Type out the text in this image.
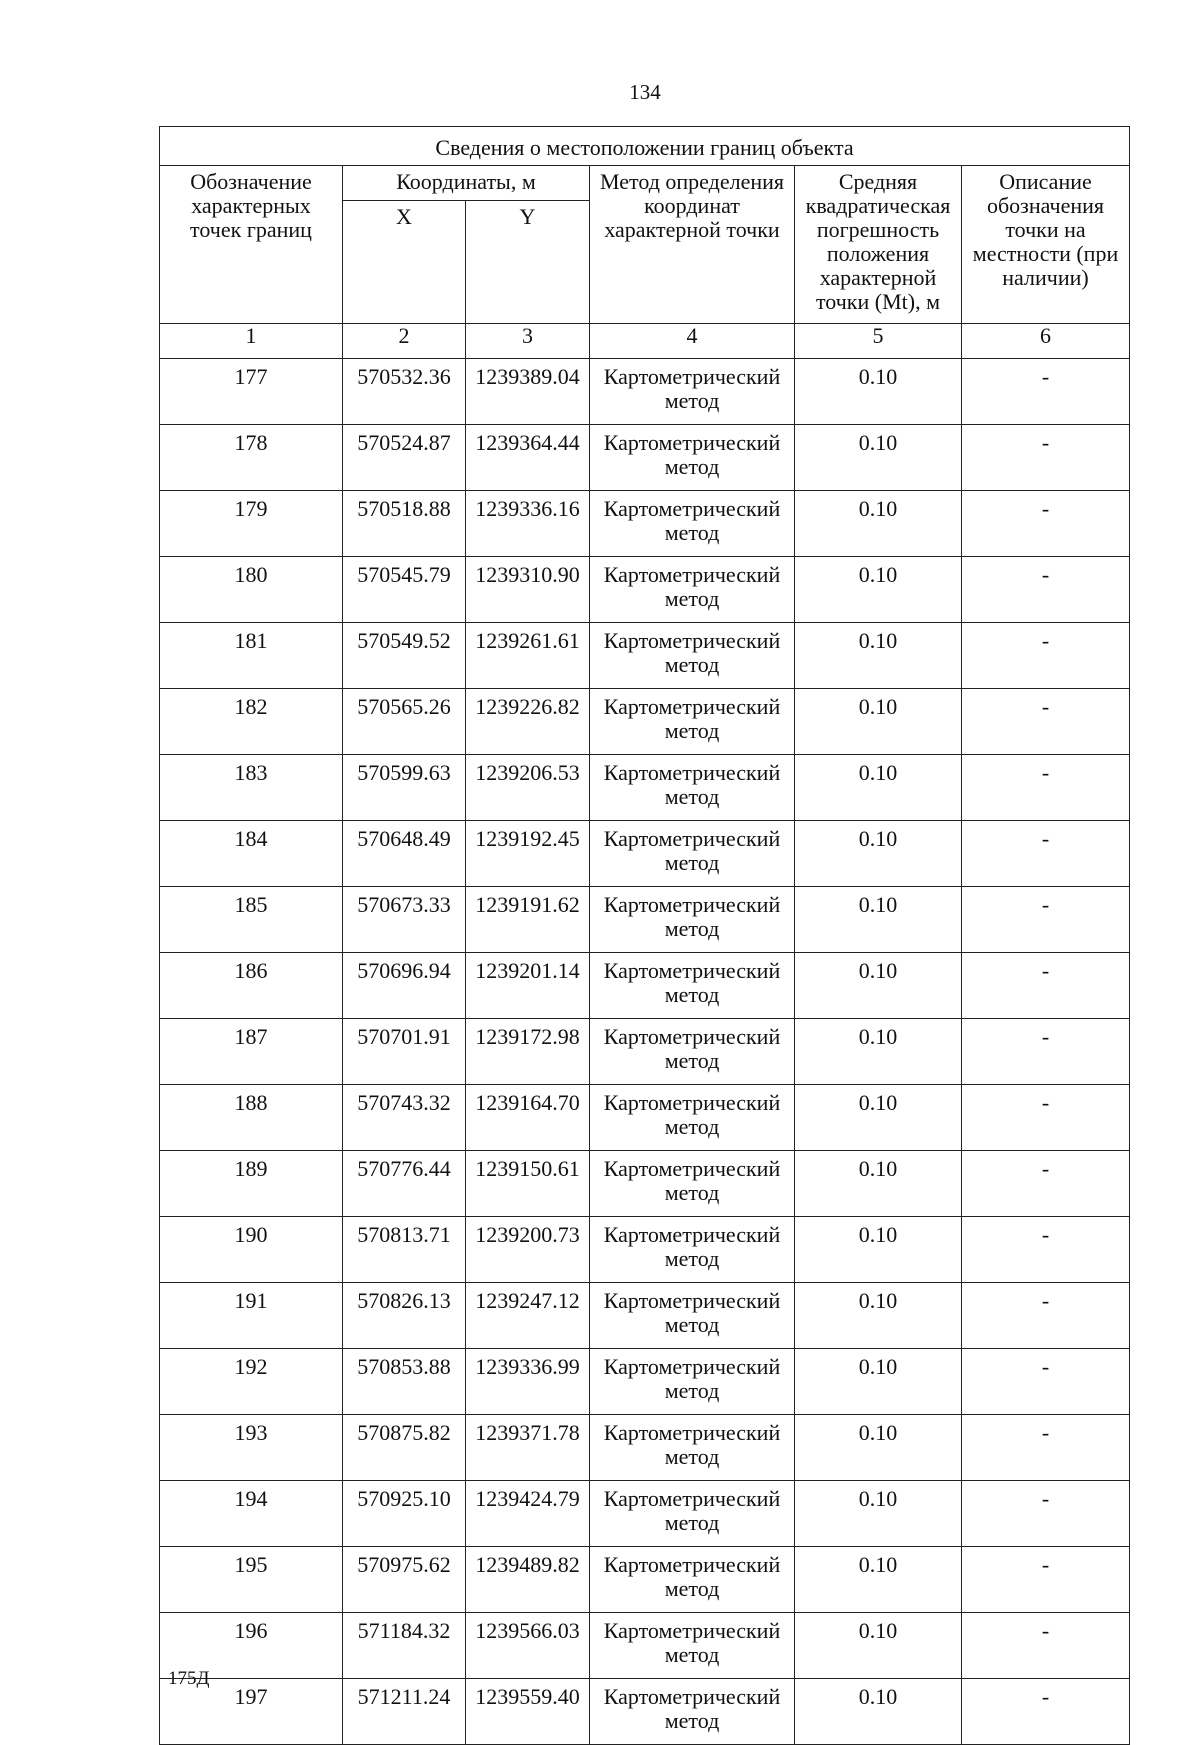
134
Сведения о местоположении границ объекта					
Обозначение характерных точек границ	Координаты, м		Метод определения координат характерной точки	Средняя квадратическая погрешность положения характерной точки (Mt), м	Описание обозначения точки на местности (при наличии)
	X	Y			
1	2	3	4	5	6
177	570532.36	1239389.04	Картометрический метод	0.10	-
178	570524.87	1239364.44	Картометрический метод	0.10	-
179	570518.88	1239336.16	Картометрический метод	0.10	-
180	570545.79	1239310.90	Картометрический метод	0.10	-
181	570549.52	1239261.61	Картометрический метод	0.10	-
182	570565.26	1239226.82	Картометрический метод	0.10	-
183	570599.63	1239206.53	Картометрический метод	0.10	-
184	570648.49	1239192.45	Картометрический метод	0.10	-
185	570673.33	1239191.62	Картометрический метод	0.10	-
186	570696.94	1239201.14	Картометрический метод	0.10	-
187	570701.91	1239172.98	Картометрический метод	0.10	-
188	570743.32	1239164.70	Картометрический метод	0.10	-
189	570776.44	1239150.61	Картометрический метод	0.10	-
190	570813.71	1239200.73	Картометрический метод	0.10	-
191	570826.13	1239247.12	Картометрический метод	0.10	-
192	570853.88	1239336.99	Картометрический метод	0.10	-
193	570875.82	1239371.78	Картометрический метод	0.10	-
194	570925.10	1239424.79	Картометрический метод	0.10	-
195	570975.62	1239489.82	Картометрический метод	0.10	-
196	571184.32	1239566.03	Картометрический метод	0.10	-
197	571211.24	1239559.40	Картометрический метод	0.10	-
175Д
